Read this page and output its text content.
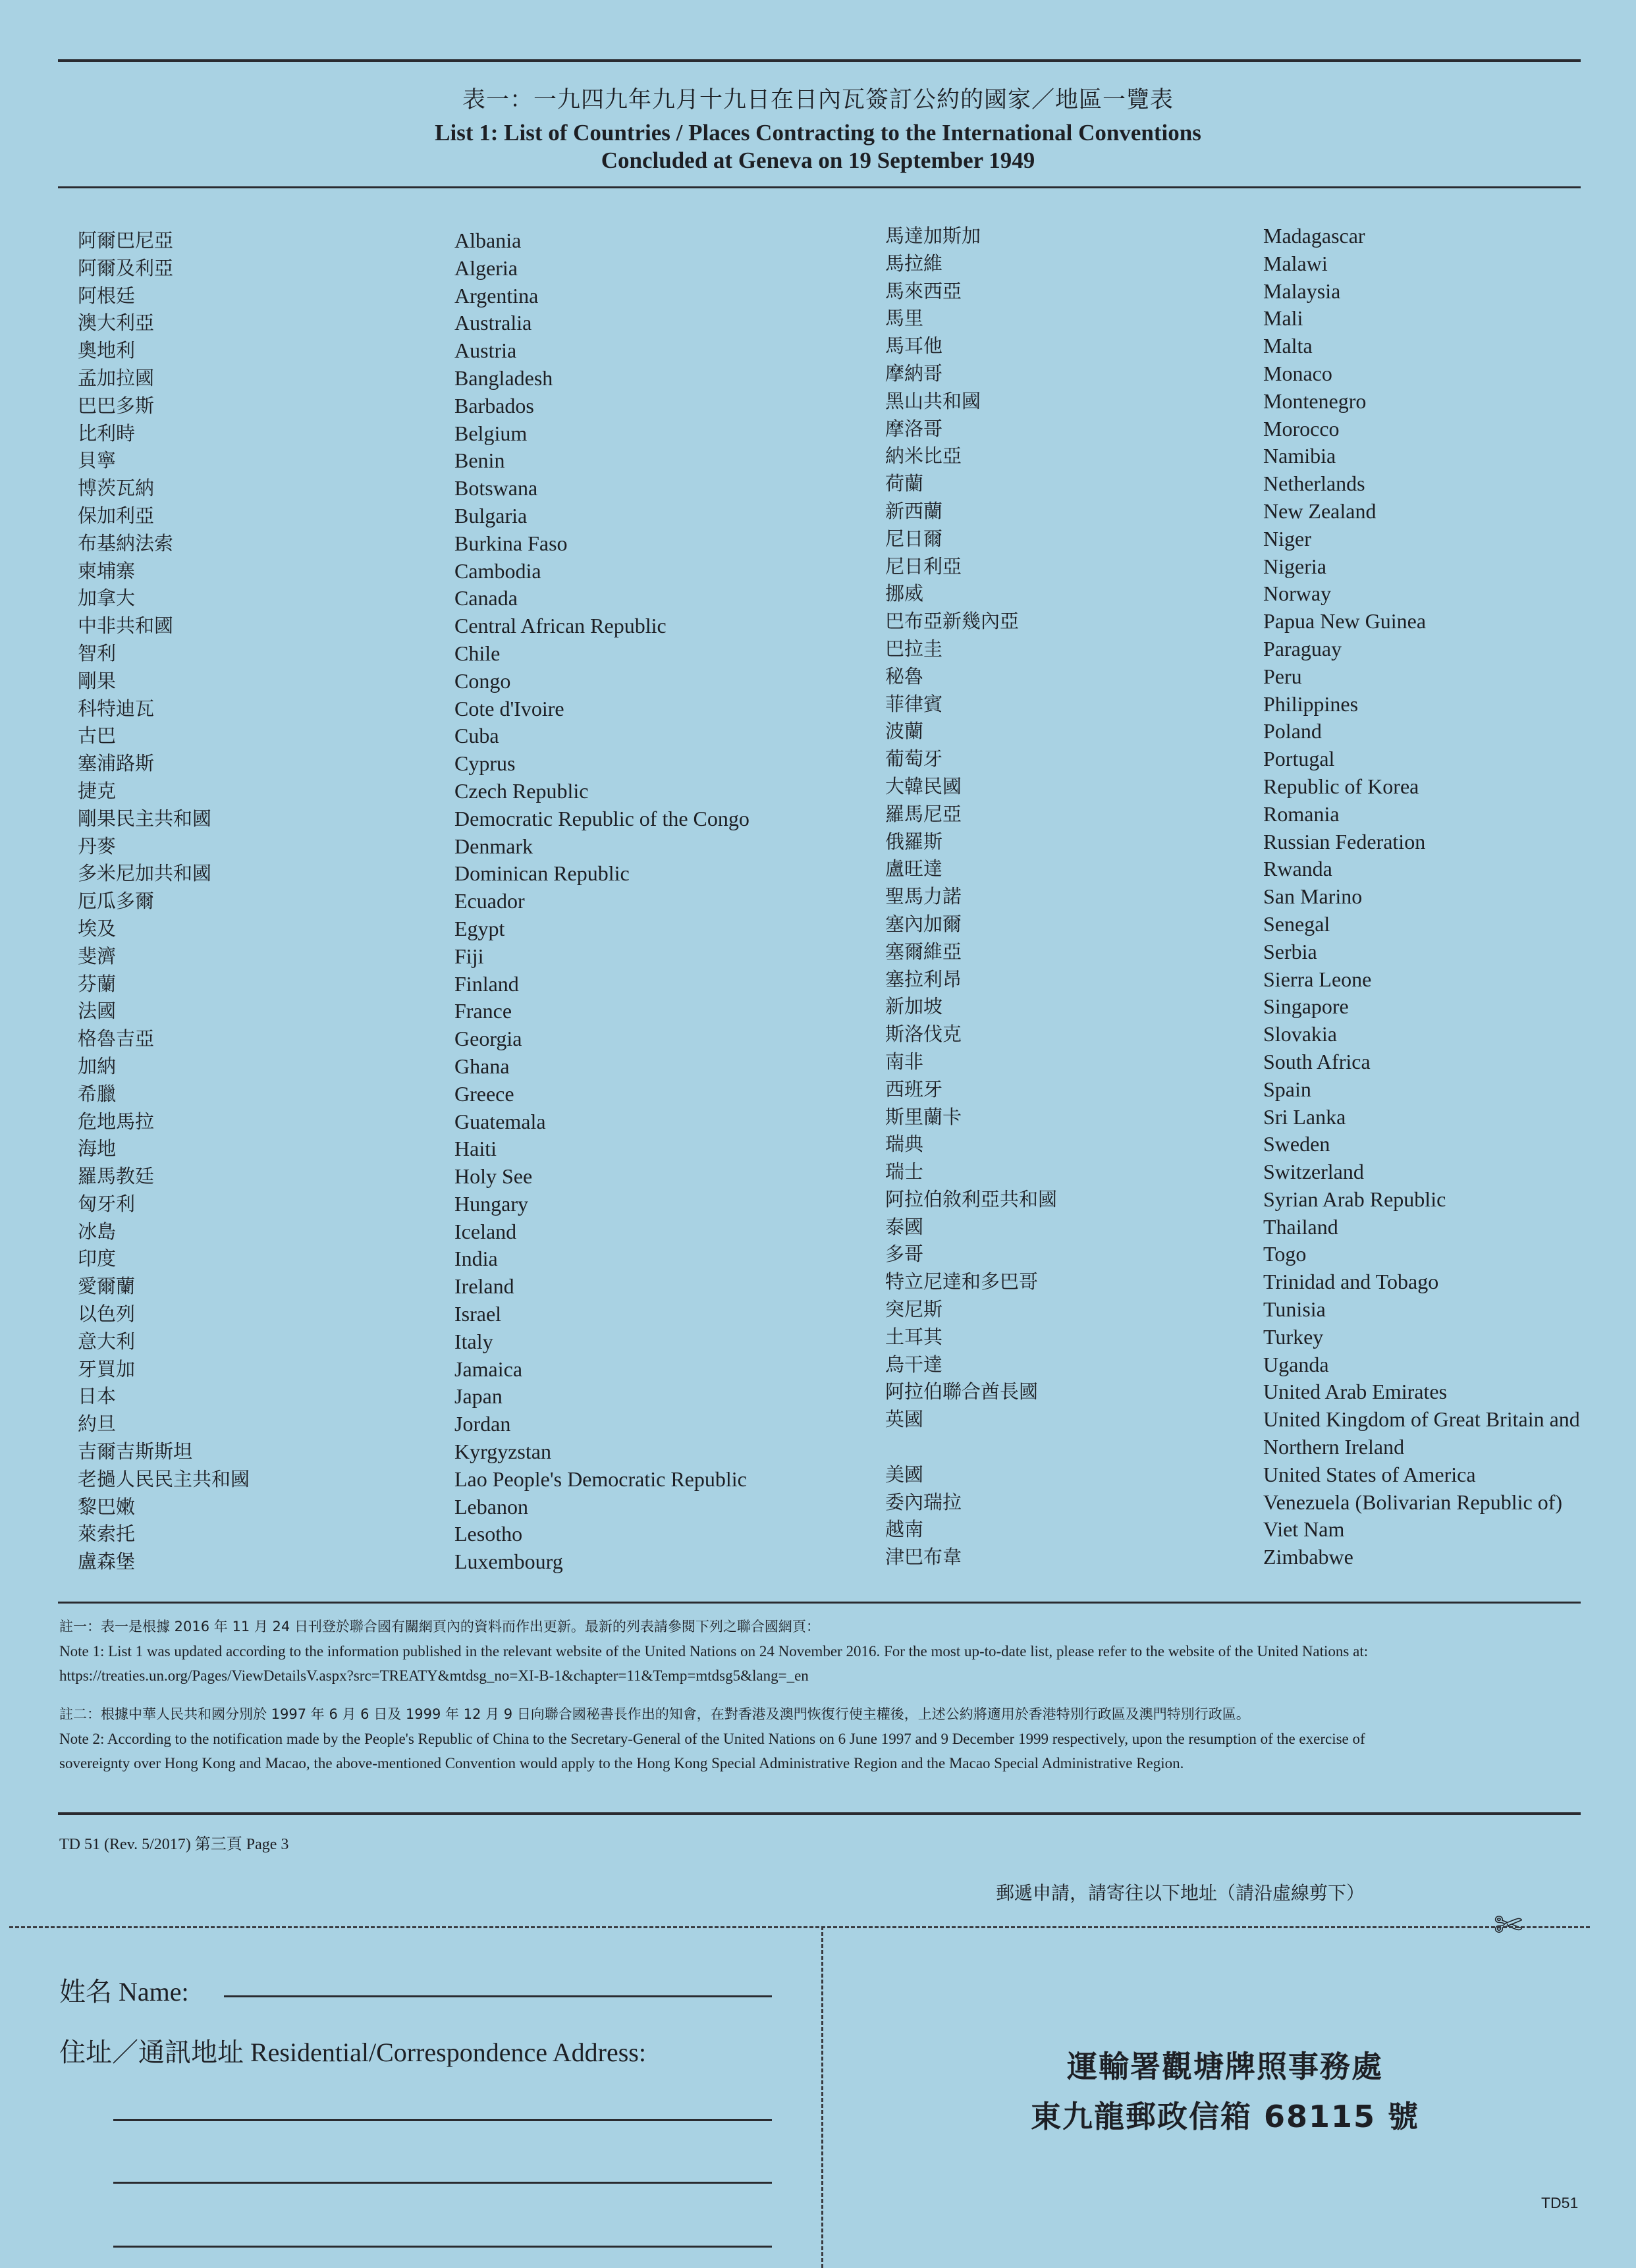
表一：一九四九年九月十九日在日內瓦簽訂公約的國家／地區一覽表
List 1: List of Countries / Places Contracting to the International Conventions
Concluded at Geneva on 19 September 1949
阿爾巴尼亞
阿爾及利亞
阿根廷
澳大利亞
奧地利
孟加拉國
巴巴多斯
比利時
貝寧
博茨瓦納
保加利亞
布基納法索
柬埔寨
加拿大
中非共和國
智利
剛果
科特迪瓦
古巴
塞浦路斯
捷克
剛果民主共和國
丹麥
多米尼加共和國
厄瓜多爾
埃及
斐濟
芬蘭
法國
格魯吉亞
加納
希臘
危地馬拉
海地
羅馬教廷
匈牙利
冰島
印度
愛爾蘭
以色列
意大利
牙買加
日本
約旦
吉爾吉斯斯坦
老撾人民民主共和國
黎巴嫩
萊索托
盧森堡
Albania
Algeria
Argentina
Australia
Austria
Bangladesh
Barbados
Belgium
Benin
Botswana
Bulgaria
Burkina Faso
Cambodia
Canada
Central African Republic
Chile
Congo
Cote d'Ivoire
Cuba
Cyprus
Czech Republic
Democratic Republic of the Congo
Denmark
Dominican Republic
Ecuador
Egypt
Fiji
Finland
France
Georgia
Ghana
Greece
Guatemala
Haiti
Holy See
Hungary
Iceland
India
Ireland
Israel
Italy
Jamaica
Japan
Jordan
Kyrgyzstan
Lao People's Democratic Republic
Lebanon
Lesotho
Luxembourg
馬達加斯加
馬拉維
馬來西亞
馬里
馬耳他
摩納哥
黑山共和國
摩洛哥
納米比亞
荷蘭
新西蘭
尼日爾
尼日利亞
挪威
巴布亞新幾內亞
巴拉圭
秘魯
菲律賓
波蘭
葡萄牙
大韓民國
羅馬尼亞
俄羅斯
盧旺達
聖馬力諾
塞內加爾
塞爾維亞
塞拉利昂
新加坡
斯洛伐克
南非
西班牙
斯里蘭卡
瑞典
瑞士
阿拉伯敘利亞共和國
泰國
多哥
特立尼達和多巴哥
突尼斯
土耳其
烏干達
阿拉伯聯合酋長國
英國
美國
委內瑞拉
越南
津巴布韋
Madagascar
Malawi
Malaysia
Mali
Malta
Monaco
Montenegro
Morocco
Namibia
Netherlands
New Zealand
Niger
Nigeria
Norway
Papua New Guinea
Paraguay
Peru
Philippines
Poland
Portugal
Republic of Korea
Romania
Russian Federation
Rwanda
San Marino
Senegal
Serbia
Sierra Leone
Singapore
Slovakia
South Africa
Spain
Sri Lanka
Sweden
Switzerland
Syrian Arab Republic
Thailand
Togo
Trinidad and Tobago
Tunisia
Turkey
Uganda
United Arab Emirates
United Kingdom of Great Britain and
Northern Ireland
United States of America
Venezuela (Bolivarian Republic of)
Viet Nam
Zimbabwe
註一：表一是根據 2016 年 11 月 24 日刊登於聯合國有關網頁內的資料而作出更新。最新的列表請參閱下列之聯合國網頁：
Note 1: List 1 was updated according to the information published in the relevant website of the United Nations on 24 November 2016. For the most up-to-date list, please refer to the website of the United Nations at:
https://treaties.un.org/Pages/ViewDetailsV.aspx?src=TREATY&mtdsg_no=XI-B-1&chapter=11&Temp=mtdsg5&lang=_en
註二：根據中華人民共和國分別於 1997 年 6 月 6 日及 1999 年 12 月 9 日向聯合國秘書長作出的知會，在對香港及澳門恢復行使主權後，上述公約將適用於香港特別行政區及澳門特別行政區。
Note 2: According to the notification made by the People's Republic of China to the Secretary-General of the United Nations on 6 June 1997 and 9 December 1999 respectively, upon the resumption of the exercise of
sovereignty over Hong Kong and Macao, the above-mentioned Convention would apply to the Hong Kong Special Administrative Region and the Macao Special Administrative Region.
TD 51 (Rev. 5/2017) 第三頁 Page 3
郵遞申請，請寄往以下地址（請沿虛線剪下）
✄
姓名 Name:
住址／通訊地址 Residential/Correspondence Address:	運輸署觀塘牌照事務處
東九龍郵政信箱 68115 號
TD51
